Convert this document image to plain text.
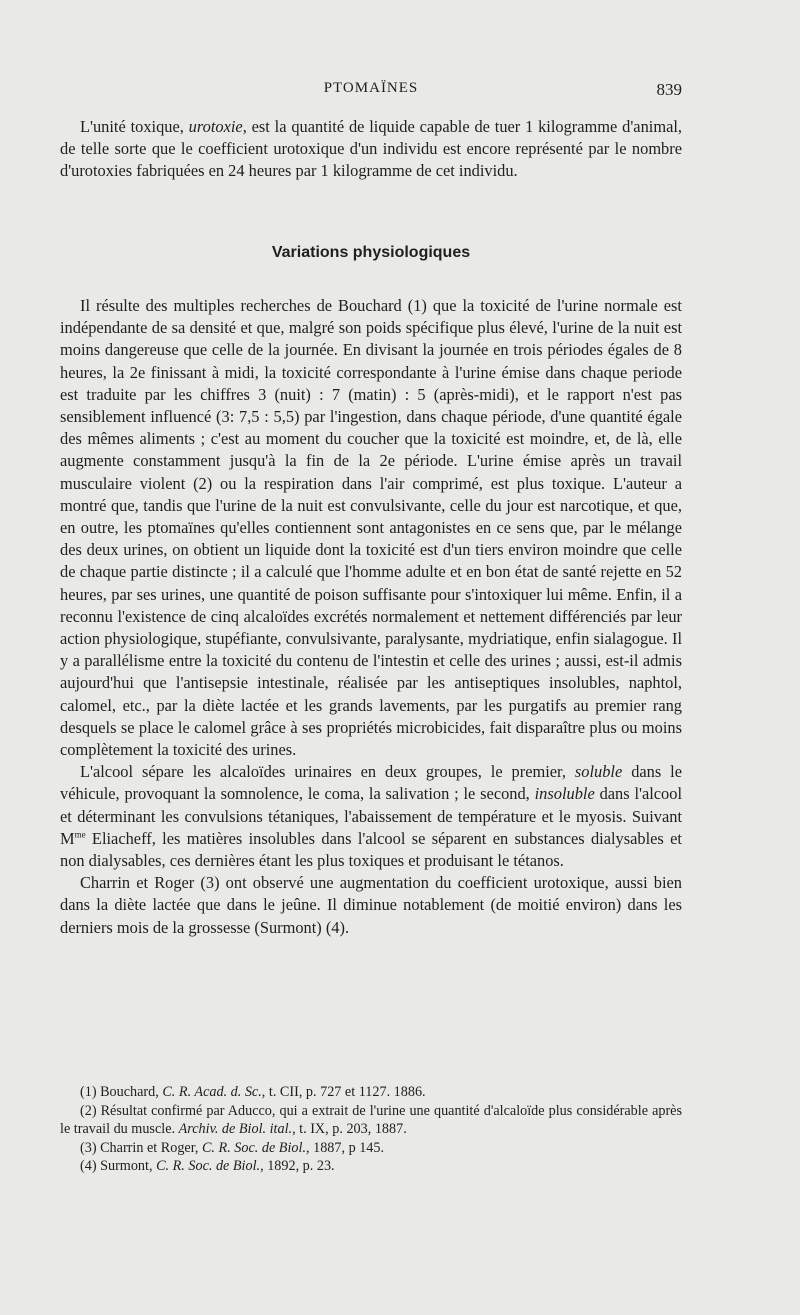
PTOMAÏNES	839

L'unité toxique, urotoxie, est la quantité de liquide capable de tuer 1 kilogramme d'animal, de telle sorte que le coefficient urotoxique d'un individu est encore représenté par le nombre d'urotoxies fabriquées en 24 heures par 1 kilogramme de cet individu.

Variations physiologiques

Il résulte des multiples recherches de Bouchard (1) que la toxicité de l'urine normale est indépendante de sa densité et que, malgré son poids spécifique plus élevé, l'urine de la nuit est moins dangereuse que celle de la journée. En divisant la journée en trois périodes égales de 8 heures, la 2e finissant à midi, la toxicité correspondante à l'urine émise dans chaque periode est traduite par les chiffres 3 (nuit) : 7 (matin) : 5 (après-midi), et le rapport n'est pas sensiblement influencé (3: 7,5 : 5,5) par l'ingestion, dans chaque période, d'une quantité égale des mêmes aliments ; c'est au moment du coucher que la toxicité est moindre, et, de là, elle augmente constamment jusqu'à la fin de la 2e période. L'urine émise après un travail musculaire violent (2) ou la respiration dans l'air comprimé, est plus toxique. L'auteur a montré que, tandis que l'urine de la nuit est convulsivante, celle du jour est narcotique, et que, en outre, les ptomaïnes qu'elles contiennent sont antagonistes en ce sens que, par le mélange des deux urines, on obtient un liquide dont la toxicité est d'un tiers environ moindre que celle de chaque partie distincte ; il a calculé que l'homme adulte et en bon état de santé rejette en 52 heures, par ses urines, une quantité de poison suffisante pour s'intoxiquer lui même. Enfin, il a reconnu l'existence de cinq alcaloïdes excrétés normalement et nettement différenciés par leur action physiologique, stupéfiante, convulsivante, paralysante, mydriatique, enfin sialagogue. Il y a parallélisme entre la toxicité du contenu de l'intestin et celle des urines ; aussi, est-il admis aujourd'hui que l'antisepsie intestinale, réalisée par les antiseptiques insolubles, naphtol, calomel, etc., par la diète lactée et les grands lavements, par les purgatifs au premier rang desquels se place le calomel grâce à ses propriétés microbicides, fait disparaître plus ou moins complètement la toxicité des urines.

L'alcool sépare les alcaloïdes urinaires en deux groupes, le premier, soluble dans le véhicule, provoquant la somnolence, le coma, la salivation ; le second, insoluble dans l'alcool et déterminant les convulsions tétaniques, l'abaissement de température et le myosis. Suivant $M^{me}$ Eliacheff, les matières insolubles dans l'alcool se séparent en substances dialysables et non dialysables, ces dernières étant les plus toxiques et produisant le tétanos.

Charrin et Roger (3) ont observé une augmentation du coefficient urotoxique, aussi bien dans la diète lactée que dans le jeûne. Il diminue notablement (de moitié environ) dans les derniers mois de la grossesse (Surmont) (4).

(1) Bouchard, C. R. Acad. d. Sc., t. CII, p. 727 et 1127. 1886.

(2) Résultat confirmé par Aducco, qui a extrait de l'urine une quantité d'alcaloïde plus considérable après le travail du muscle. Archiv. de Biol. ital., t. IX, p. 203, 1887.

(3) Charrin et Roger, C. R. Soc. de Biol., 1887, p 145.

(4) Surmont, C. R. Soc. de Biol., 1892, p. 23.
